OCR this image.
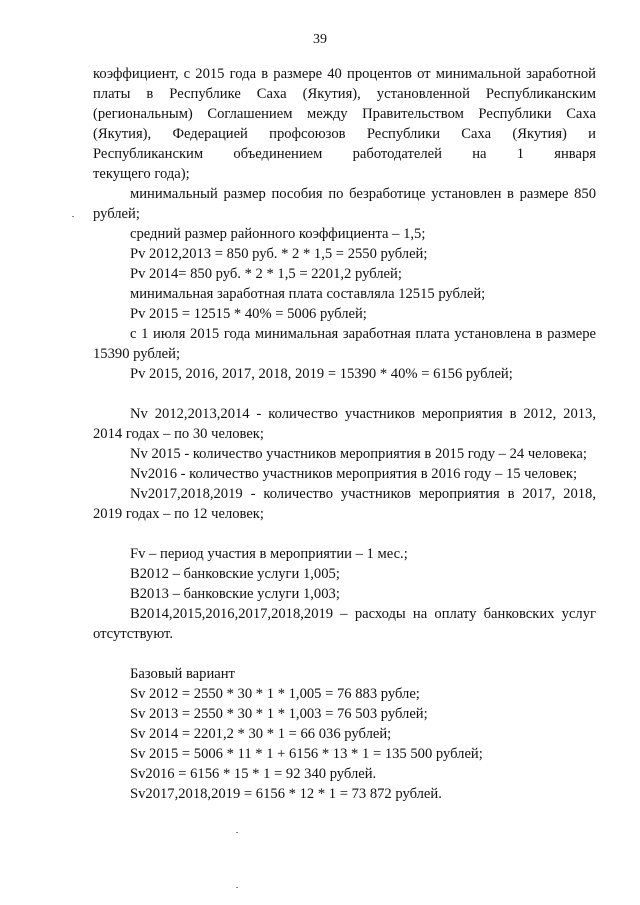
39

коэффициент, с 2015 года в размере 40 процентов от минимальной заработной платы в Республике Саха (Якутия), установленной Республиканским (региональным) Соглашением между Правительством Республики Саха (Якутия), Федерацией профсоюзов Республики Саха (Якутия) и Республиканским объединением работодателей на 1 января

текущего года);

минимальный размер пособия по безработице установлен в размере 850 рублей;

средний размер районного коэффициента – 1,5;

Pv 2012,2013 = 850 руб. * 2 * 1,5 = 2550 рублей;

Pv 2014= 850 руб. * 2 * 1,5 = 2201,2 рублей;

минимальная заработная плата составляла 12515 рублей;

Pv 2015 = 12515 * 40% = 5006 рублей;

с 1 июля 2015 года минимальная заработная плата установлена в размере 15390 рублей;

Pv 2015, 2016, 2017, 2018, 2019 = 15390 * 40% = 6156 рублей;

Nv 2012,2013,2014 - количество участников мероприятия в 2012, 2013, 2014 годах – по 30 человек;

Nv 2015 - количество участников мероприятия в 2015 году – 24 человека;

Nv2016 - количество участников мероприятия в 2016 году – 15 человек;

Nv2017,2018,2019 - количество участников мероприятия в 2017, 2018, 2019 годах – по 12 человек;

Fv – период участия в мероприятии – 1 мес.;

B2012 – банковские услуги 1,005;

B2013 – банковские услуги 1,003;

B2014,2015,2016,2017,2018,2019 – расходы на оплату банковских услуг отсутствуют.

Базовый вариант

Sv 2012 = 2550 * 30 * 1 * 1,005 = 76 883 рубле;

Sv 2013 = 2550 * 30 * 1 * 1,003 = 76 503 рублей;

Sv 2014 = 2201,2 * 30 * 1 = 66 036 рублей;

Sv 2015 = 5006 * 11 * 1 + 6156 * 13 * 1 = 135 500 рублей;

Sv2016 = 6156 * 15 * 1 = 92 340 рублей.

Sv2017,2018,2019 = 6156 * 12 * 1 = 73 872 рублей.
